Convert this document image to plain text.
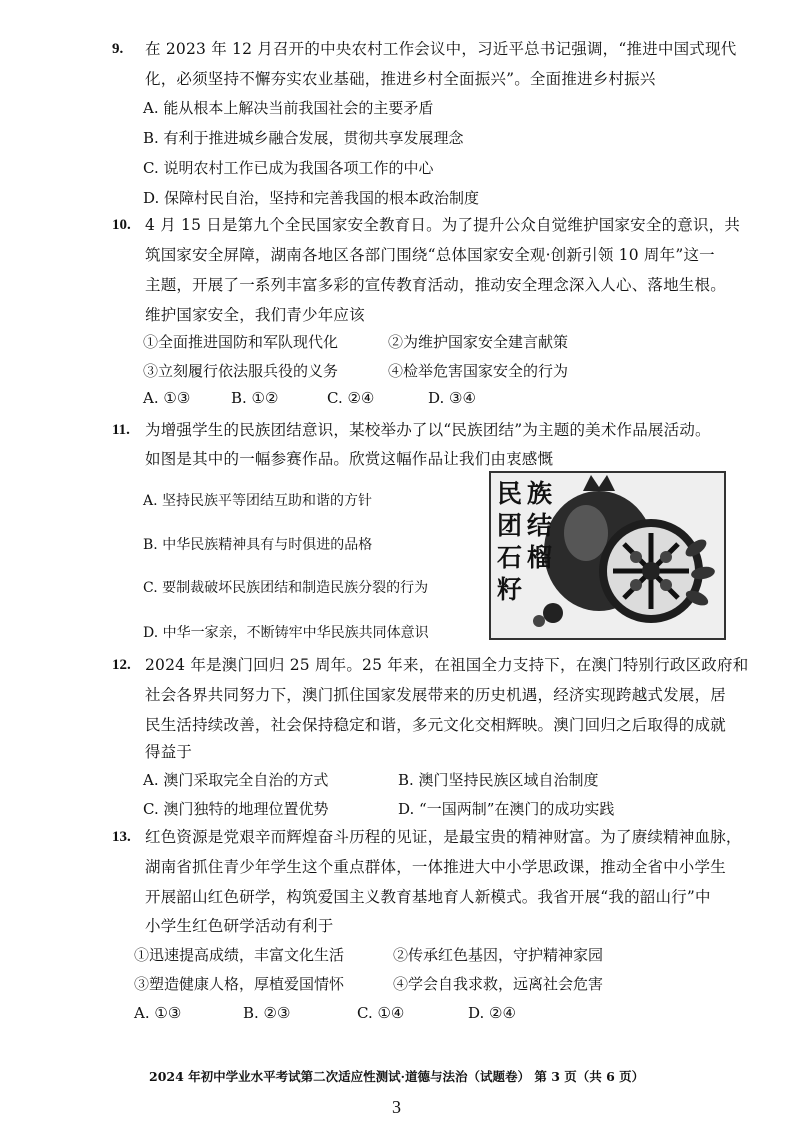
9. 在 2023 年 12 月召开的中央农村工作会议中，习近平总书记强调，“推进中国式现代
化，必须坚持不懈夯实农业基础，推进乡村全面振兴”。全面推进乡村振兴
A. 能从根本上解决当前我国社会的主要矛盾
B. 有利于推进城乡融合发展，贯彻共享发展理念
C. 说明农村工作已成为我国各项工作的中心
D. 保障村民自治，坚持和完善我国的根本政治制度
10. 4 月 15 日是第九个全民国家安全教育日。为了提升公众自觉维护国家安全的意识，共
筑国家安全屏障，湖南各地区各部门围绕“总体国家安全观·创新引领 10 周年”这一
主题，开展了一系列丰富多彩的宣传教育活动，推动安全理念深入人心、落地生根。
维护国家安全，我们青少年应该
①全面推进国防和军队现代化	②为维护国家安全建言献策
③立刻履行依法服兵役的义务	④检举危害国家安全的行为
A. ①③	B. ①②	C. ②④	D. ③④
11. 为增强学生的民族团结意识，某校举办了以“民族团结”为主题的美术作品展活动。
如图是其中的一幅参赛作品。欣赏这幅作品让我们由衷感慨
A. 坚持民族平等团结互助和谐的方针
B. 中华民族精神具有与时俱进的品格
C. 要制裁破坏民族团结和制造民族分裂的行为
D. 中华一家亲，不断铸牢中华民族共同体意识
民 族
团 结
石 榴
籽
12. 2024 年是澳门回归 25 周年。25 年来，在祖国全力支持下，在澳门特别行政区政府和
社会各界共同努力下，澳门抓住国家发展带来的历史机遇，经济实现跨越式发展，居
民生活持续改善，社会保持稳定和谐，多元文化交相辉映。澳门回归之后取得的成就
得益于
A. 澳门采取完全自治的方式	B. 澳门坚持民族区域自治制度
C. 澳门独特的地理位置优势	D. “一国两制”在澳门的成功实践
13. 红色资源是党艰辛而辉煌奋斗历程的见证，是最宝贵的精神财富。为了赓续精神血脉，
湖南省抓住青少年学生这个重点群体，一体推进大中小学思政课，推动全省中小学生
开展韶山红色研学，构筑爱国主义教育基地育人新模式。我省开展“我的韶山行”中
小学生红色研学活动有利于
①迅速提高成绩，丰富文化生活	②传承红色基因，守护精神家园
③塑造健康人格，厚植爱国情怀	④学会自我求救，远离社会危害
A. ①③	B. ②③	C. ①④	D. ②④
2024 年初中学业水平考试第二次适应性测试·道德与法治（试题卷） 第 3 页（共 6 页）
3
